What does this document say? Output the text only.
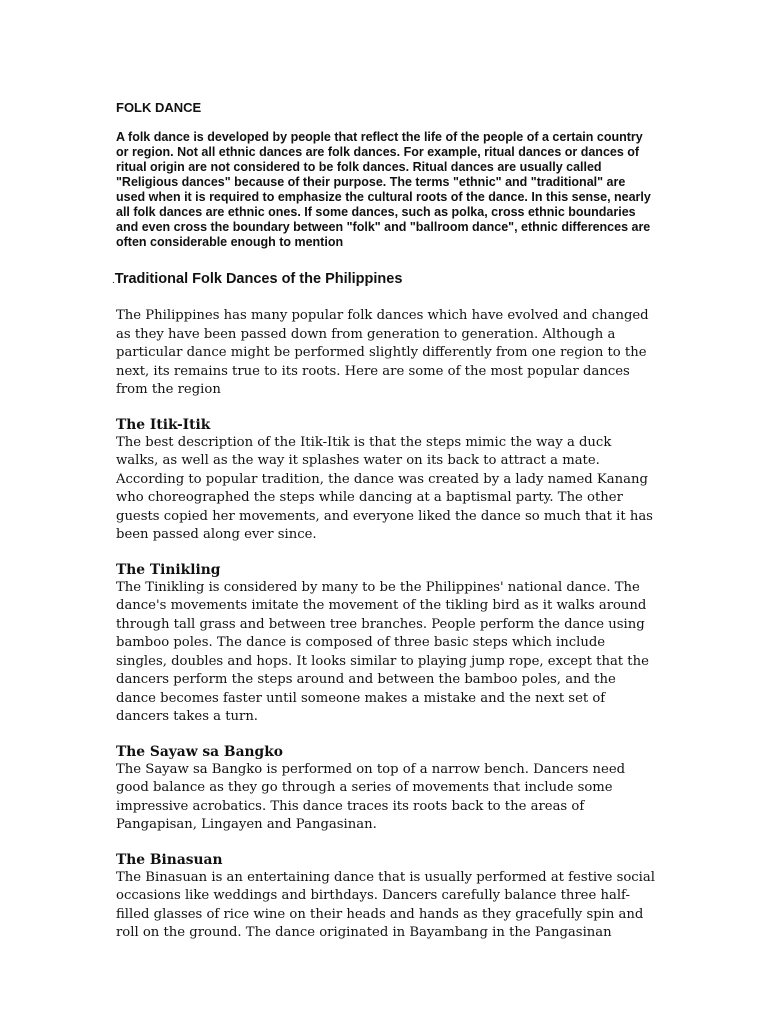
FOLK DANCE

A folk dance is developed by people that reflect the life of the people of a certain country or region. Not all ethnic dances are folk dances. For example, ritual dances or dances of ritual origin are not considered to be folk dances. Ritual dances are usually called "Religious dances" because of their purpose. The terms "ethnic" and "traditional" are used when it is required to emphasize the cultural roots of the dance. In this sense, nearly all folk dances are ethnic ones. If some dances, such as polka, cross ethnic boundaries and even cross the boundary between "folk" and "ballroom dance", ethnic differences are often considerable enough to mention

.Traditional Folk Dances of the Philippines

The Philippines has many popular folk dances which have evolved and changed as they have been passed down from generation to generation. Although a particular dance might be performed slightly differently from one region to the next, its remains true to its roots. Here are some of the most popular dances from the region

The Itik-Itik

The best description of the Itik-Itik is that the steps mimic the way a duck walks, as well as the way it splashes water on its back to attract a mate. According to popular tradition, the dance was created by a lady named Kanang who choreographed the steps while dancing at a baptismal party. The other guests copied her movements, and everyone liked the dance so much that it has been passed along ever since.

The Tinikling

The Tinikling is considered by many to be the Philippines' national dance. The dance's movements imitate the movement of the tikling bird as it walks around through tall grass and between tree branches. People perform the dance using bamboo poles. The dance is composed of three basic steps which include singles, doubles and hops. It looks similar to playing jump rope, except that the dancers perform the steps around and between the bamboo poles, and the dance becomes faster until someone makes a mistake and the next set of dancers takes a turn.

The Sayaw sa Bangko

The Sayaw sa Bangko is performed on top of a narrow bench. Dancers need good balance as they go through a series of movements that include some impressive acrobatics. This dance traces its roots back to the areas of Pangapisan, Lingayen and Pangasinan.

The Binasuan

The Binasuan is an entertaining dance that is usually performed at festive social occasions like weddings and birthdays. Dancers carefully balance three half-filled glasses of rice wine on their heads and hands as they gracefully spin and roll on the ground. The dance originated in Bayambang in the Pangasinan
